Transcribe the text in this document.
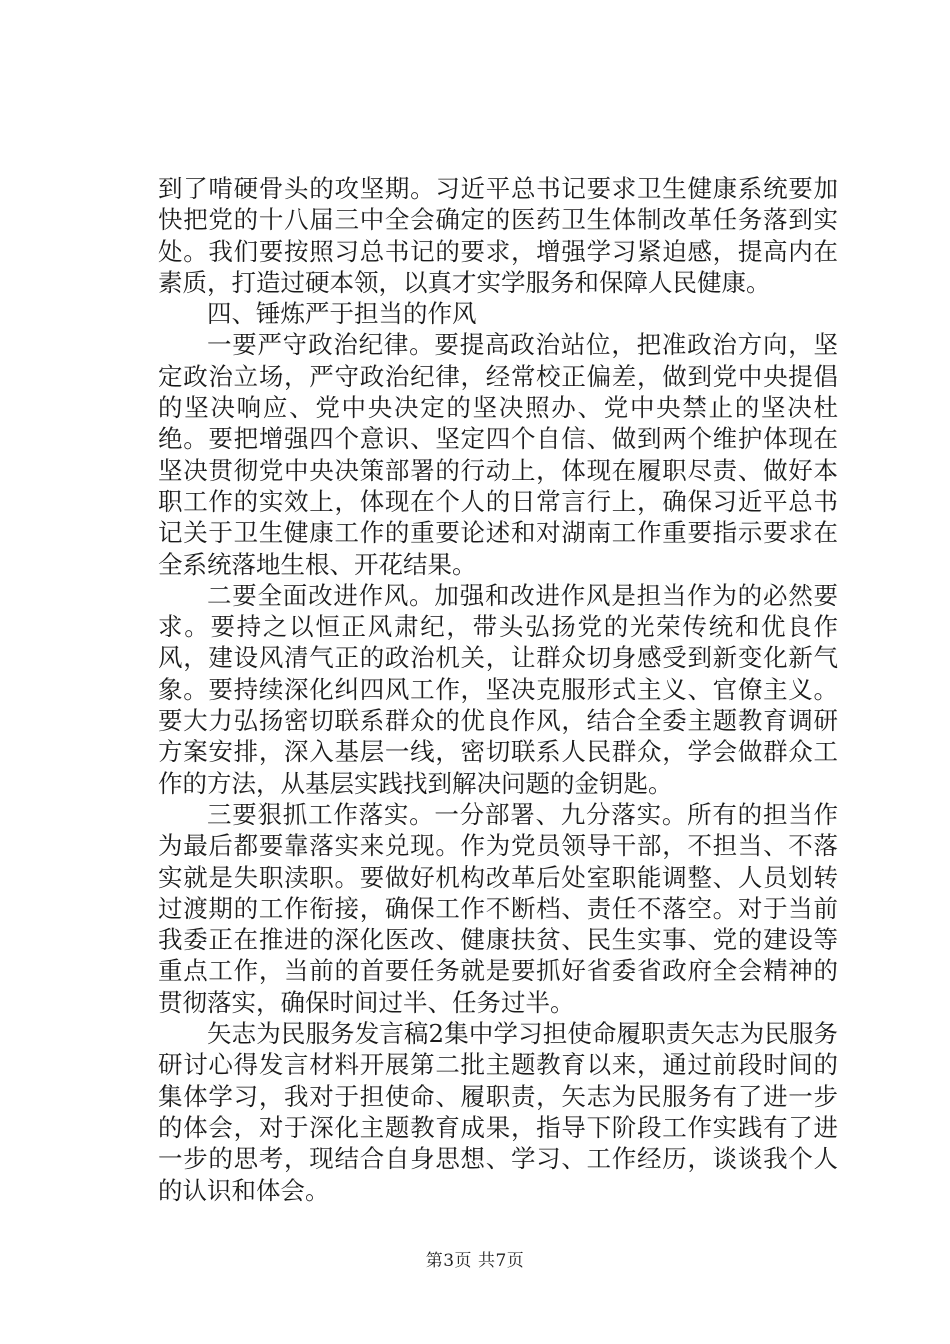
到了啃硬骨头的攻坚期。习近平总书记要求卫生健康系统要加快把党的十八届三中全会确定的医药卫生体制改革任务落到实处。我们要按照习总书记的要求，增强学习紧迫感，提高内在素质，打造过硬本领，以真才实学服务和保障人民健康。

四、锤炼严于担当的作风

一要严守政治纪律。要提高政治站位，把准政治方向，坚定政治立场，严守政治纪律，经常校正偏差，做到党中央提倡的坚决响应、党中央决定的坚决照办、党中央禁止的坚决杜绝。要把增强四个意识、坚定四个自信、做到两个维护体现在坚决贯彻党中央决策部署的行动上，体现在履职尽责、做好本职工作的实效上，体现在个人的日常言行上，确保习近平总书记关于卫生健康工作的重要论述和对湖南工作重要指示要求在全系统落地生根、开花结果。

二要全面改进作风。加强和改进作风是担当作为的必然要求。要持之以恒正风肃纪，带头弘扬党的光荣传统和优良作风，建设风清气正的政治机关，让群众切身感受到新变化新气象。要持续深化纠四风工作，坚决克服形式主义、官僚主义。要大力弘扬密切联系群众的优良作风，结合全委主题教育调研方案安排，深入基层一线，密切联系人民群众，学会做群众工作的方法，从基层实践找到解决问题的金钥匙。

三要狠抓工作落实。一分部署、九分落实。所有的担当作为最后都要靠落实来兑现。作为党员领导干部，不担当、不落实就是失职渎职。要做好机构改革后处室职能调整、人员划转过渡期的工作衔接，确保工作不断档、责任不落空。对于当前我委正在推进的深化医改、健康扶贫、民生实事、党的建设等重点工作，当前的首要任务就是要抓好省委省政府全会精神的贯彻落实，确保时间过半、任务过半。

矢志为民服务发言稿2集中学习担使命履职责矢志为民服务研讨心得发言材料开展第二批主题教育以来，通过前段时间的集体学习，我对于担使命、履职责，矢志为民服务有了进一步的体会，对于深化主题教育成果，指导下阶段工作实践有了进一步的思考，现结合自身思想、学习、工作经历，谈谈我个人的认识和体会。

第3页 共7页
